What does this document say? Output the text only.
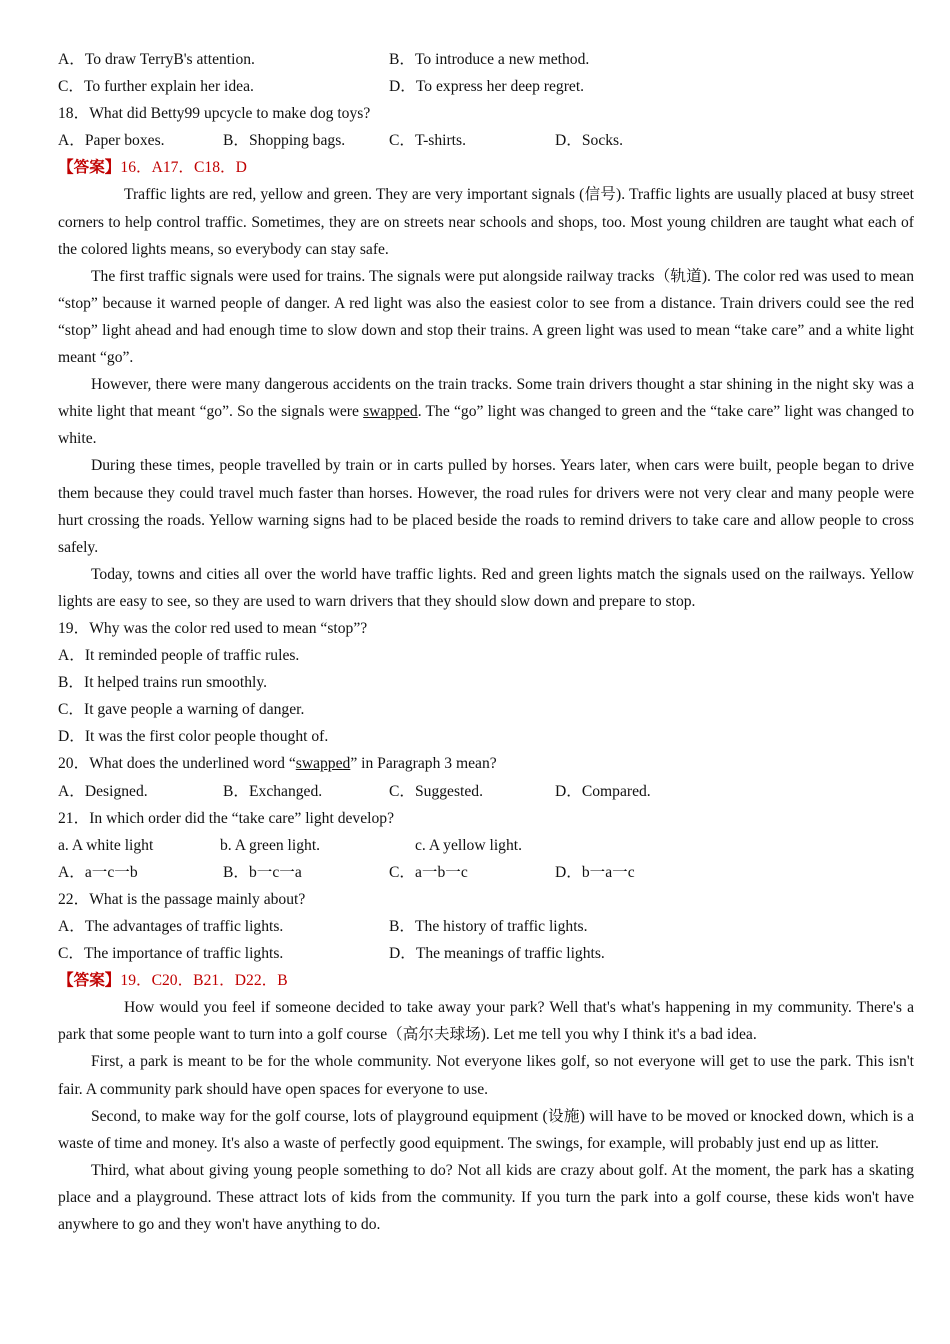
A．To draw TerryB's attention.	B．To introduce a new method.
C．To further explain her idea.	D．To express her deep regret.
18．What did Betty99 upcycle to make dog toys?
A．Paper boxes.	B．Shopping bags.	C．T-shirts.	D．Socks.
【答案】16．A17．C18．D

Traffic lights are red, yellow and green. They are very important signals (信号). Traffic lights are usually placed at busy street corners to help control traffic. Sometimes, they are on streets near schools and shops, too. Most young children are taught what each of the colored lights means, so everybody can stay safe.

The first traffic signals were used for trains. The signals were put alongside railway tracks（轨道). The color red was used to mean “stop” because it warned people of danger. A red light was also the easiest color to see from a distance. Train drivers could see the red “stop” light ahead and had enough time to slow down and stop their trains. A green light was used to mean “take care” and a white light meant “go”.

However, there were many dangerous accidents on the train tracks. Some train drivers thought a star shining in the night sky was a white light that meant “go”. So the signals were swapped. The “go” light was changed to green and the “take care” light was changed to white.

During these times, people travelled by train or in carts pulled by horses. Years later, when cars were built, people began to drive them because they could travel much faster than horses. However, the road rules for drivers were not very clear and many people were hurt crossing the roads. Yellow warning signs had to be placed beside the roads to remind drivers to take care and allow people to cross safely.

Today, towns and cities all over the world have traffic lights. Red and green lights match the signals used on the railways. Yellow lights are easy to see, so they are used to warn drivers that they should slow down and prepare to stop.

19．Why was the color red used to mean “stop”?
A．It reminded people of traffic rules.
B．It helped trains run smoothly.
C．It gave people a warning of danger.
D．It was the first color people thought of.
20．What does the underlined word “swapped” in Paragraph 3 mean?
A．Designed.	B．Exchanged.	C．Suggested.	D．Compared.
21．In which order did the “take care” light develop?
a. A white light	b. A green light.	c. A yellow light.
A．a一c一b	B．b一c一a	C．a一b一c	D．b一a一c
22．What is the passage mainly about?
A．The advantages of traffic lights.	B．The history of traffic lights.
C．The importance of traffic lights.	D．The meanings of traffic lights.
【答案】19．C20．B21．D22．B

How would you feel if someone decided to take away your park? Well that's what's happening in my community. There's a park that some people want to turn into a golf course（高尔夫球场). Let me tell you why I think it's a bad idea.

First, a park is meant to be for the whole community. Not everyone likes golf, so not everyone will get to use the park. This isn't fair. A community park should have open spaces for everyone to use.

Second, to make way for the golf course, lots of playground equipment (设施) will have to be moved or knocked down, which is a waste of time and money. It's also a waste of perfectly good equipment. The swings, for example, will probably just end up as litter.

Third, what about giving young people something to do? Not all kids are crazy about golf. At the moment, the park has a skating place and a playground. These attract lots of kids from the community. If you turn the park into a golf course, these kids won't have anywhere to go and they won't have anything to do.
